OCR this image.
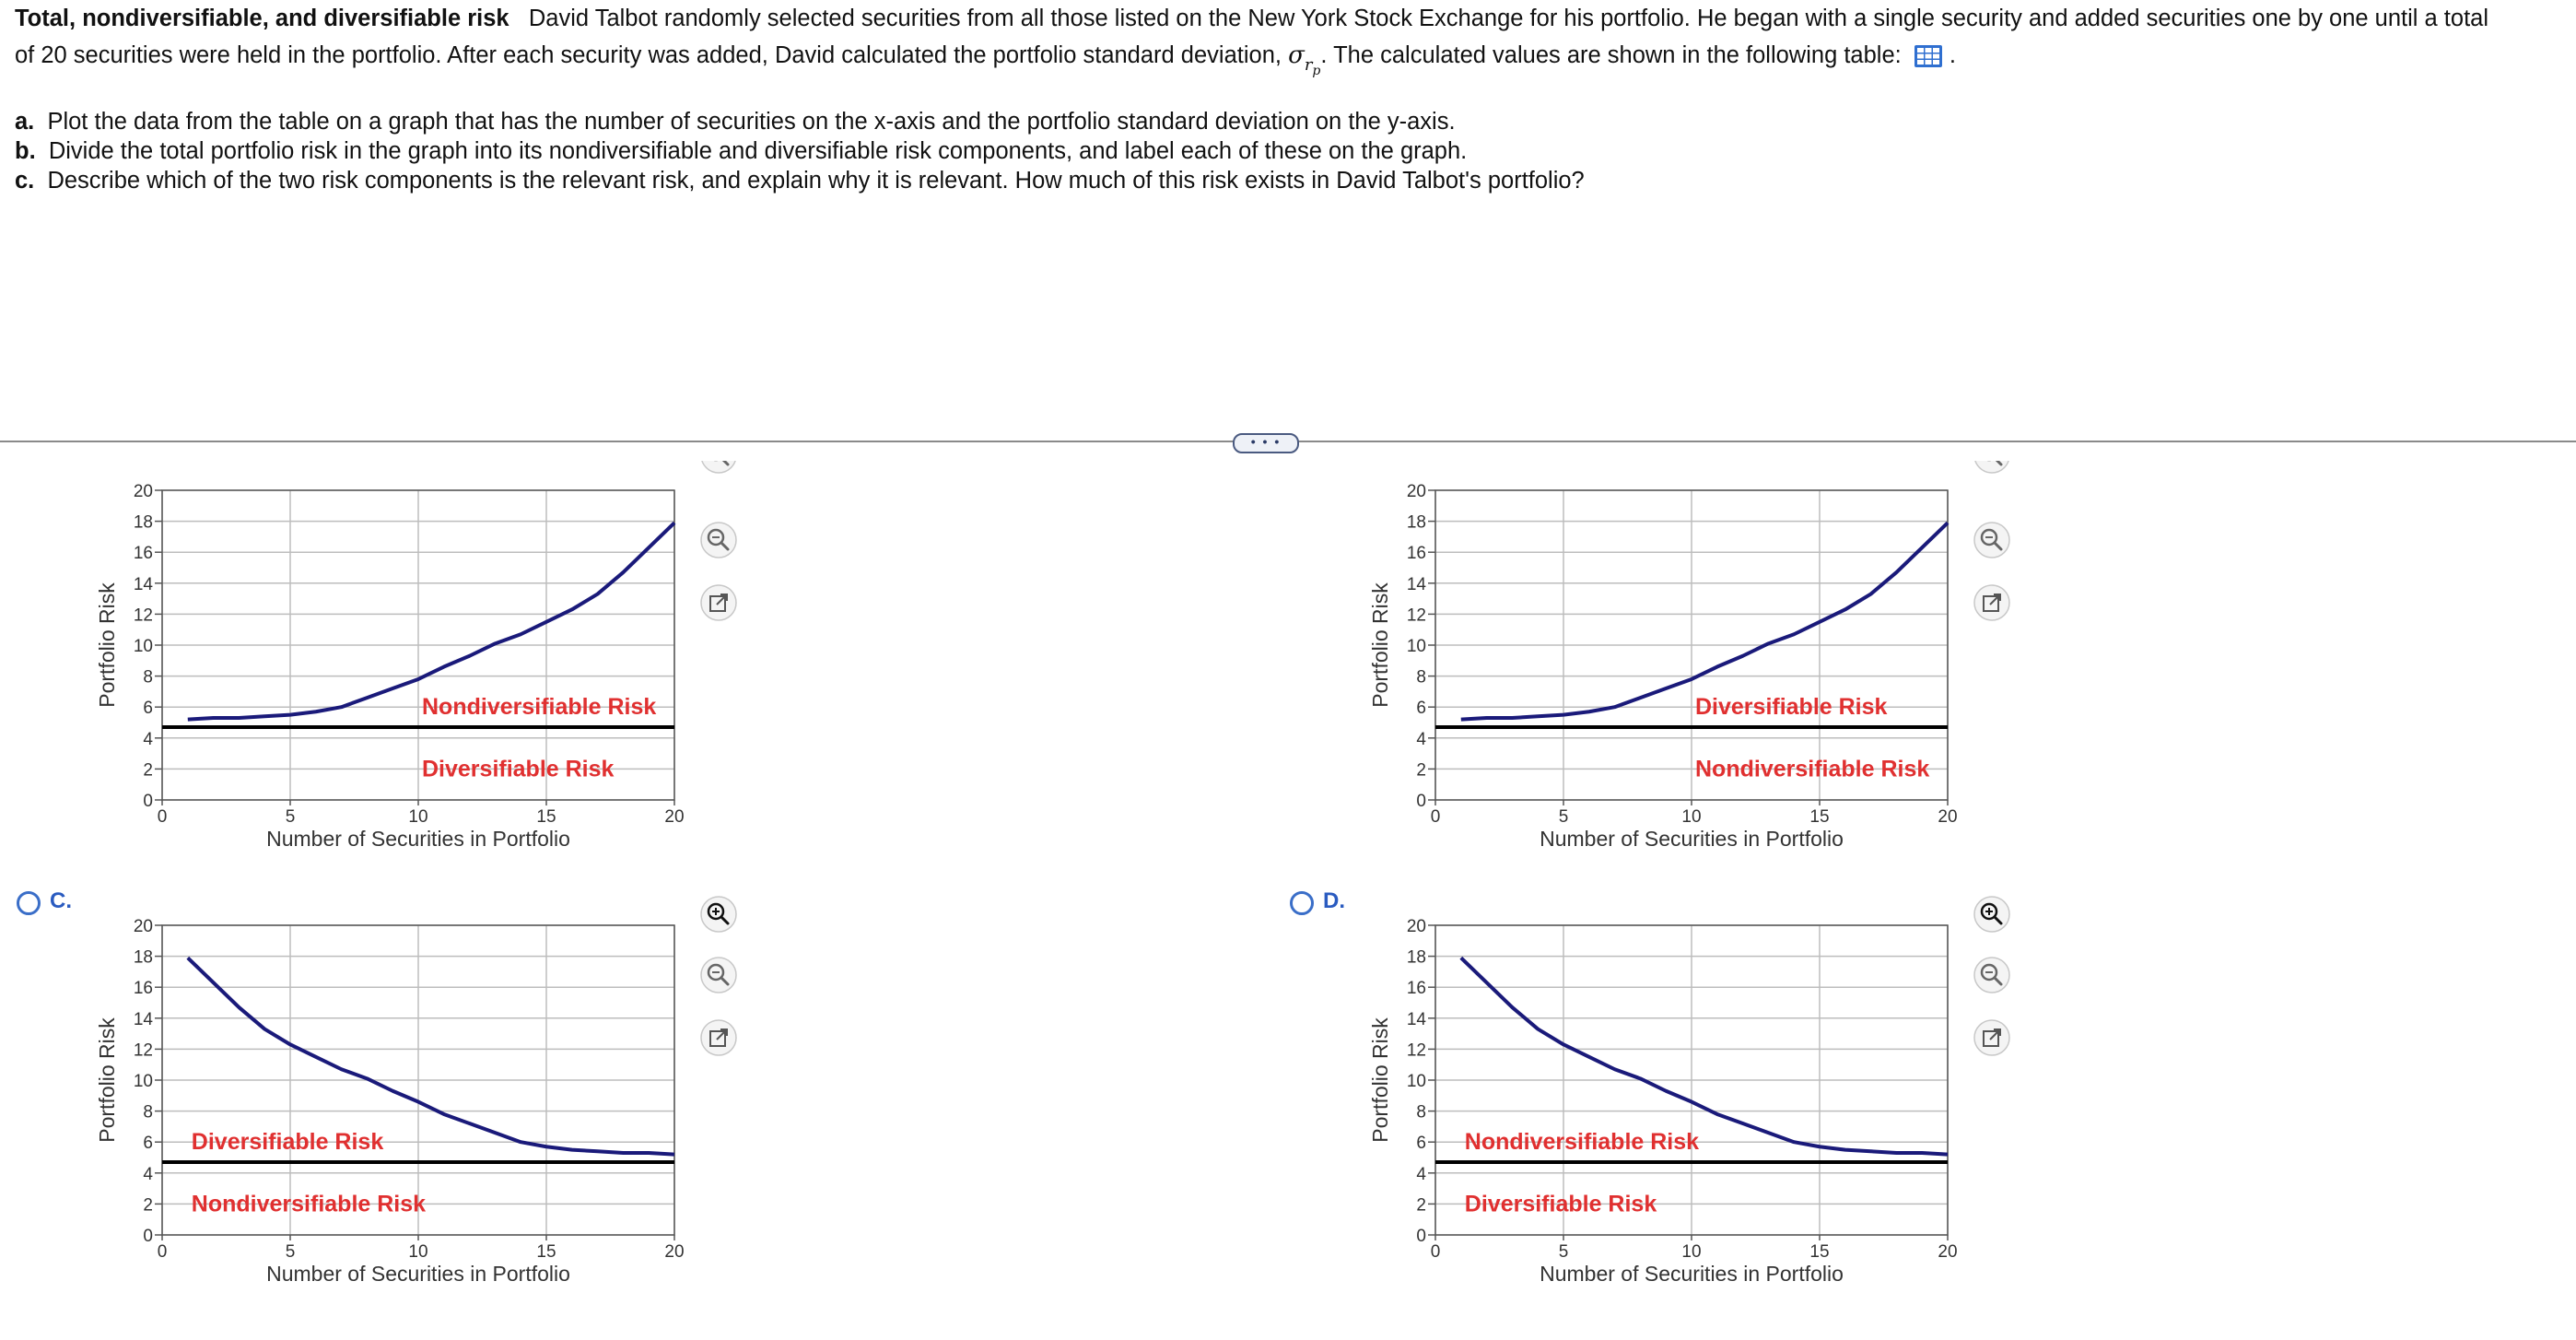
Total, nondiversifiable, and diversifiable risk David Talbot randomly selected securities from all those listed on the New York Stock Exchange for his portfolio. He began with a single security and added securities one by one until a total
of 20 securities were held in the portfolio. After each security was added, David calculated the portfolio standard deviation, $\sigma_{rp}$. The calculated values are shown in the following table:  .
a. Plot the data from the table on a graph that has the number of securities on the x-axis and the portfolio standard deviation on the y-axis.
b. Divide the total portfolio risk in the graph into its nondiversifiable and diversifiable risk components, and label each of these on the graph.
c. Describe which of the two risk components is the relevant risk, and explain why it is relevant. How much of this risk exists in David Talbot's portfolio?
• • •
C.	D.
0
2
4
6
8
10
12
14
16
18
20
0	5	10	15	20
Number of Securities in Portfolio
Portfolio Risk	Nondiversifiable Risk
Diversifiable Risk
0
2
4
6
8
10
12
14
16
18
20
0	5	10	15	20
Number of Securities in Portfolio
Portfolio Risk	Diversifiable Risk
Nondiversifiable Risk
0
2
4
6
8
10
12
14
16
18
20
0	5	10	15	20
Number of Securities in Portfolio
Portfolio Risk	Diversifiable Risk
Nondiversifiable Risk
0
2
4
6
8
10
12
14
16
18
20
0	5	10	15	20
Number of Securities in Portfolio
Portfolio Risk	Nondiversifiable Risk
Diversifiable Risk
